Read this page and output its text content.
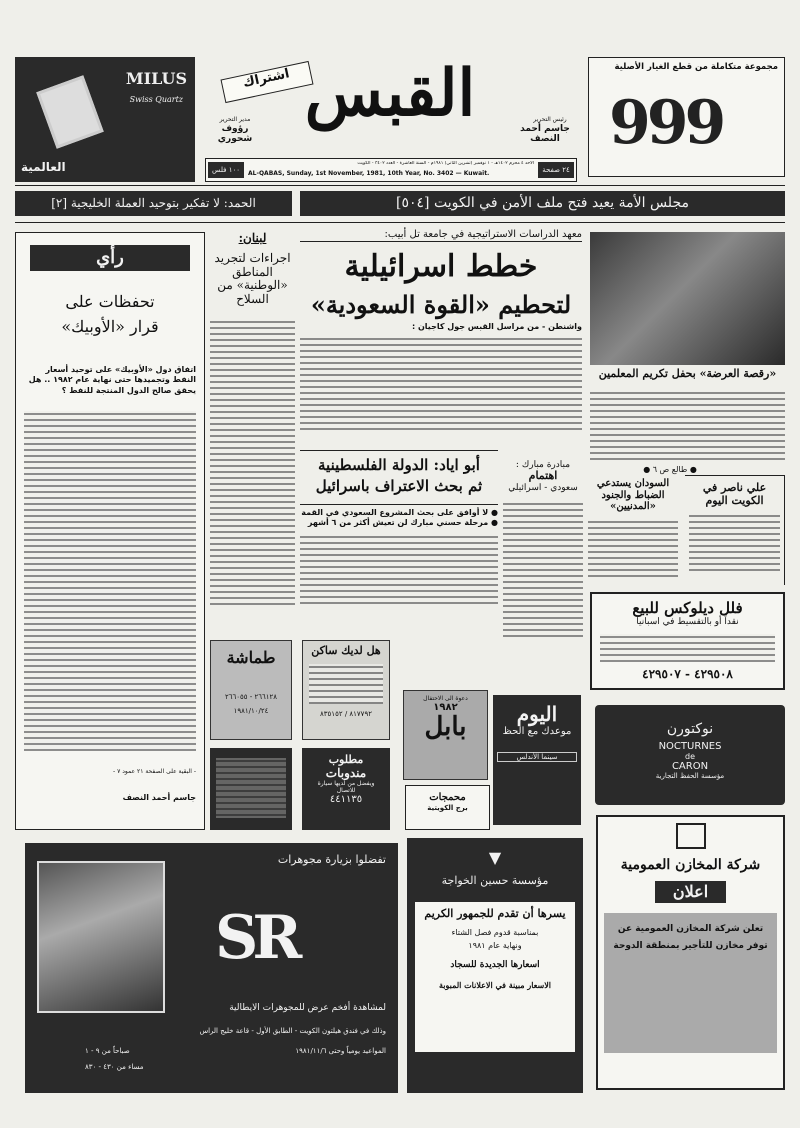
MILUS
Swiss Quartz
العالمية
مجموعة متكاملة من قطع الغيار الأصلية
999
اشتراك القبس
مدير التحرير
رؤوف شحوري
رئيس التحرير
جاسم أحمد النصف
٢٤ صفحة
١٠٠ فلس
الأحد ٤ محرم ١٤٠٢هـ - ١ نوفمبر (تشرين الثاني) ١٩٨١م - السنة العاشرة - العدد ٣٤٠٢ - الكويت
AL-QABAS, Sunday, 1st November, 1981, 10th Year, No. 3402 — Kuwait.
مجلس الأمة يعيد فتح ملف الأمن في الكويت [٥٠٤]
الحمد: لا تفكير بتوحيد العملة الخليجية [٢]
رأي
تحفظات على
قرار «الأوبيك»
اتفاق دول «الأوبيك» على توحيد أسعار النفط وتجميدها حتى نهاية عام ١٩٨٢ .. هل يحقق صالح الدول المنتجة للنفط ؟
- البقية على الصفحة ٢١ عمود ٧ -
جاسم أحمد النصف
لبنان:
اجراءات لتجريد المناطق «الوطنية» من السلاح
معهد الدراسات الاستراتيجية في جامعة تل أبيب:
خطط اسرائيلية
لتحطيم «القوة السعودية»
واشنطن - من مراسل القبس جول كاجيان :
«رقصة العرضة» بحفل تكريم المعلمين
● طالع ص ٦ ●
أبو اياد: الدولة الفلسطينية
ثم بحث الاعتراف باسرائيل
● لا أوافق على بحث المشروع السعودي في القمة
● مرحلة حسني مبارك لن تعيش أكثر من ٦ أشهر
مبادرة مبارك :
اهتمام
سعودي - اسرائيلي	السودان يستدعي الضباط والجنود «المدنيين»
علي ناصر في الكويت اليوم
فلل ديلوكس للبيع
نقداً أو بالتقسيط في اسبانيا
٤٢٩٥٠٨ - ٤٢٩٥٠٧
نوكتورن
NOCTURNES
de
CARON
مؤسسة الحفظ التجارية
طماشة
٢٦٦١٢٨ - ٢٦٦٠٥٥
١٩٨١/١٠/٢٤
هل لديك ساكن
٨١٧٧٩٢ / ٨٣٥١٥٢
مطلوب
مندوبات
ويفضل من لديها سيارة
للاتصال
٤٤١١٣٥
دعوة الى الاحتفال
١٩٨٢
بابل	اليوم
موعدك مع الحظ
سينما الأندلس
محمجات
برج الكويتية
شركة المخازن العمومية
اعلان
تعلن شركة المخازن العمومية عن توفر مخازن للتأجير بمنطقة الدوحة
تفضلوا بزيارة مجوهرات
SR
لمشاهدة أفخم عرض للمجوهرات الايطالية
وذلك في فندق هيلتون الكويت - الطابق الأول - قاعة خليج الراس
المواعيد يومياً وحتى ١٩٨١/١١/٦
صباحاً من ٩ - ١
مساء من ٤٣٠ - ٨٣٠
▼
مؤسسة حسين الخواجة
يسرها أن تقدم للجمهور الكريم
بمناسبة قدوم فصل الشتاء
ونهاية عام ١٩٨١
اسعارها الجديدة للسجاد
الاسعار مبينة في الاعلانات المبوبة
